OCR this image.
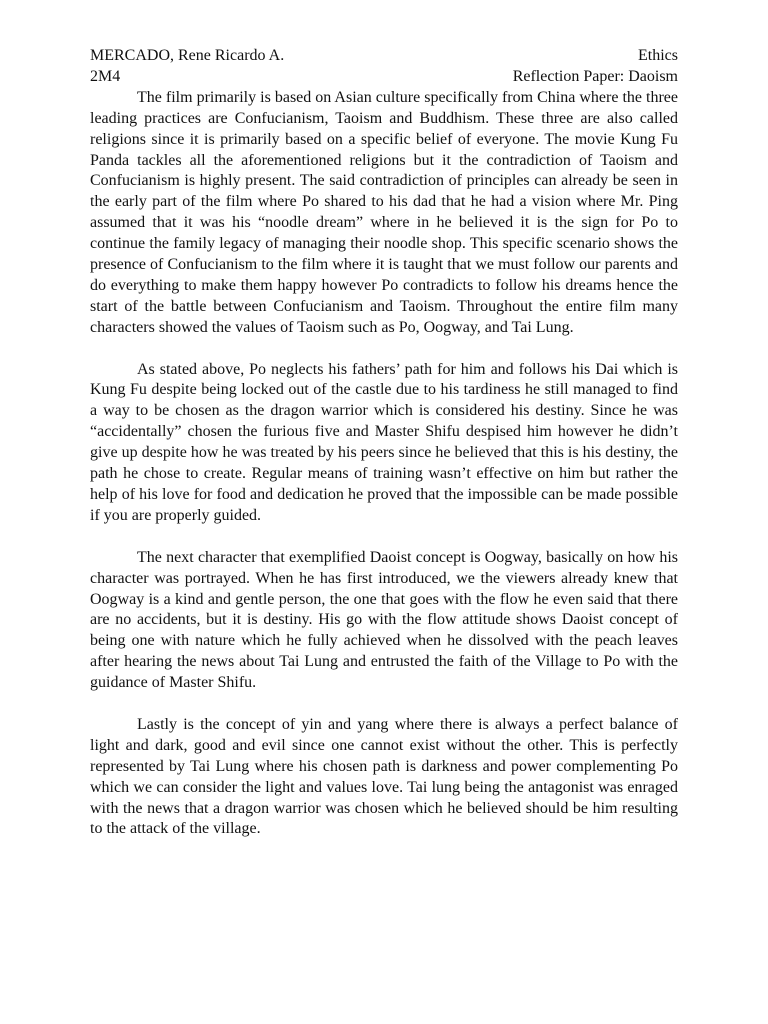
MERCADO, Rene Ricardo A.	Ethics
2M4	Reflection Paper: Daoism

The film primarily is based on Asian culture specifically from China where the three leading practices are Confucianism, Taoism and Buddhism. These three are also called religions since it is primarily based on a specific belief of everyone. The movie Kung Fu Panda tackles all the aforementioned religions but it the contradiction of Taoism and Confucianism is highly present. The said contradiction of principles can already be seen in the early part of the film where Po shared to his dad that he had a vision where Mr. Ping assumed that it was his “noodle dream” where in he believed it is the sign for Po to continue the family legacy of managing their noodle shop. This specific scenario shows the presence of Confucianism to the film where it is taught that we must follow our parents and do everything to make them happy however Po contradicts to follow his dreams hence the start of the battle between Confucianism and Taoism. Throughout the entire film many characters showed the values of Taoism such as Po, Oogway, and Tai Lung.

As stated above, Po neglects his fathers’ path for him and follows his Dai which is Kung Fu despite being locked out of the castle due to his tardiness he still managed to find a way to be chosen as the dragon warrior which is considered his destiny. Since he was “accidentally” chosen the furious five and Master Shifu despised him however he didn’t give up despite how he was treated by his peers since he believed that this is his destiny, the path he chose to create. Regular means of training wasn’t effective on him but rather the help of his love for food and dedication he proved that the impossible can be made possible if you are properly guided.

The next character that exemplified Daoist concept is Oogway, basically on how his character was portrayed. When he has first introduced, we the viewers already knew that Oogway is a kind and gentle person, the one that goes with the flow he even said that there are no accidents, but it is destiny. His go with the flow attitude shows Daoist concept of being one with nature which he fully achieved when he dissolved with the peach leaves after hearing the news about Tai Lung and entrusted the faith of the Village to Po with the guidance of Master Shifu.

Lastly is the concept of yin and yang where there is always a perfect balance of light and dark, good and evil since one cannot exist without the other. This is perfectly represented by Tai Lung where his chosen path is darkness and power complementing Po which we can consider the light and values love. Tai lung being the antagonist was enraged with the news that a dragon warrior was chosen which he believed should be him resulting to the attack of the village.
